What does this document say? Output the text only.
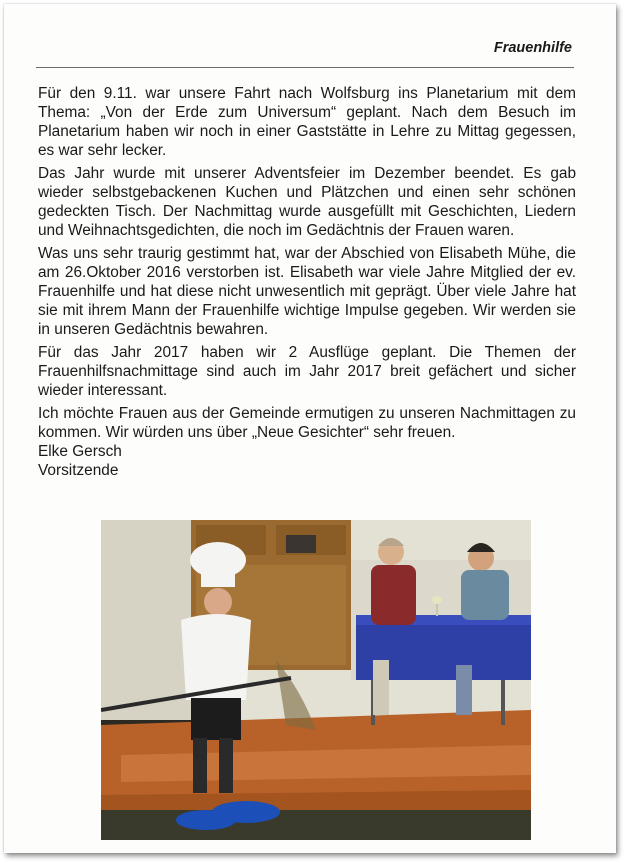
Frauenhilfe

Für den 9.11. war unsere Fahrt nach Wolfsburg ins Planetarium mit dem Thema: „Von der Erde zum Universum“ geplant. Nach dem Besuch im Planetarium haben wir noch in einer Gaststätte in Lehre zu Mittag gegessen, es war sehr lecker.

Das Jahr wurde mit unserer Adventsfeier im Dezember beendet. Es gab wieder selbstgebackenen Kuchen und Plätzchen und einen sehr schönen gedeckten Tisch. Der Nachmittag wurde ausgefüllt mit Geschichten, Liedern und Weihnachtsgedichten, die noch im Gedächtnis der Frauen waren.

Was uns sehr traurig gestimmt hat, war der Abschied von Elisabeth Mühe, die am 26.Oktober 2016 verstorben ist. Elisabeth war viele Jahre Mitglied der ev. Frauenhilfe und hat diese nicht unwesentlich mit geprägt. Über viele Jahre hat sie mit ihrem Mann der Frauenhilfe wichtige Impulse gegeben. Wir werden sie in unseren Gedächtnis bewahren.

Für das Jahr 2017 haben wir 2 Ausflüge geplant. Die Themen der Frauenhilfsnachmittage sind auch im Jahr 2017 breit gefächert und sicher wieder interessant.

Ich möchte Frauen aus der Gemeinde ermutigen zu unseren Nachmittagen zu kommen. Wir würden uns über „Neue Gesichter“ sehr freuen.

Elke Gersch
Vorsitzende
